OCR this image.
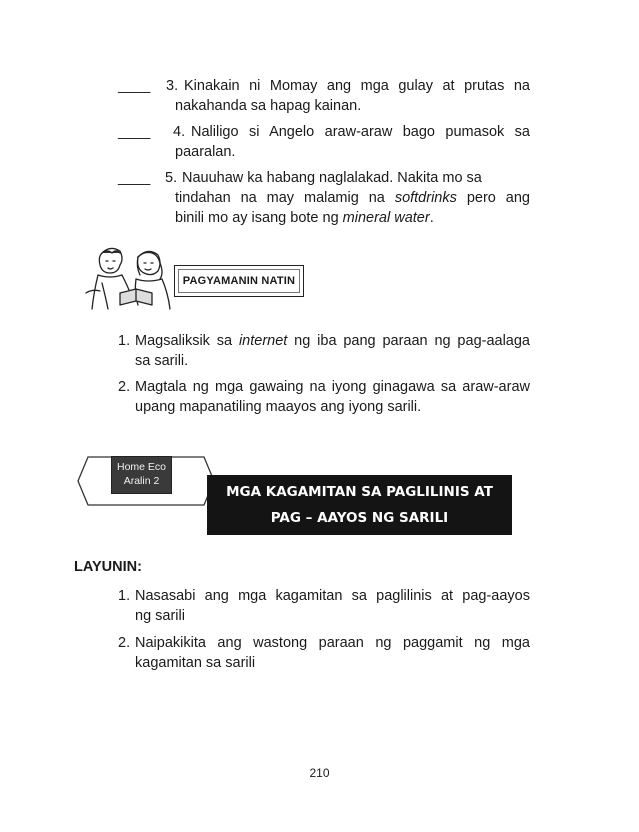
____ 3. Kinakain ni Momay ang mga gulay at prutas na
nakahanda sa hapag kainan.
____ 4. Naliligo si Angelo araw-araw bago pumasok sa
paaralan.
____ 5. Nauuhaw ka habang naglalakad. Nakita mo sa
tindahan na may malamig na softdrinks pero ang
binili mo ay isang bote ng mineral water.
PAGYAMANIN NATIN
1. Magsaliksik sa internet ng iba pang paraan ng pag-aalaga
sa sarili.
2. Magtala ng mga gawaing na iyong ginagawa sa araw-araw
upang mapanatiling maayos ang iyong sarili.
Home Eco
Aralin 2
MGA KAGAMITAN SA PAGLILINIS AT
PAG – AAYOS NG SARILI
LAYUNIN:
1. Nasasabi ang mga kagamitan sa paglilinis at pag-aayos
ng sarili
2. Naipakikita ang wastong paraan ng paggamit ng mga
kagamitan sa sarili
210
